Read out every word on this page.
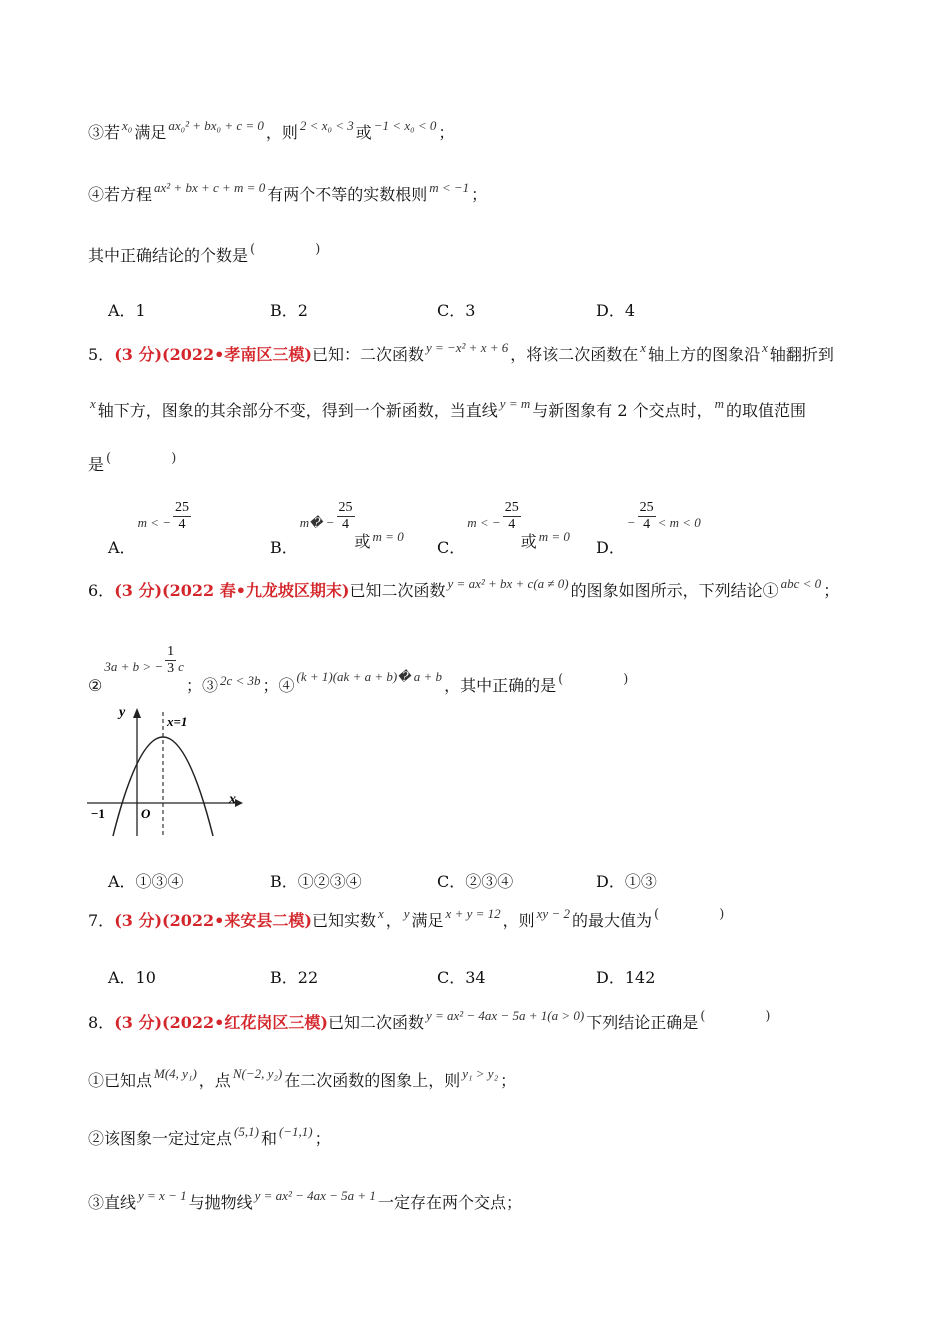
③若 $^{x_0}$ 满足 $^{ax_0^2 + bx_0 + c = 0}$ ，则 $^{2 < x_0 < 3}$ 或 $^{-1 < x_0 < 0}$ ；
④若方程 $^{ax^2 + bx + c + m = 0}$ 有两个不等的实数根则 $^{m < -1}$ ；
其中正确结论的个数是 ( )
A．1	B．2	C．3	D．4
5．(3 分)(2022•孝南区三模)已知：二次函数 $^{y = -x^2 + x + 6}$ ，将该二次函数在 $^x$ 轴上方的图象沿 $^x$ 轴翻折到
$^x$ 轴下方，图象的其余部分不变，得到一个新函数，当直线 $^{y = m}$ 与新图象有 2 个交点时， $^m$ 的取值范围
是 ( )
A．m < − $\frac{25}{4}$
B．m� − $\frac{25}{4}$
或 $_{m = 0}$
C．m < − $\frac{25}{4}$
或 $_{m = 0}$
D．− $\frac{25}{4} < m < 0$
6．(3 分)(2022 春•九龙坡区期末)已知二次函数 $^{y = ax^2 + bx + c(a \ne 0)}$ 的图象如图所示，下列结论① $^{abc < 0}$ ；
②3a + b > − $\frac{1}{3}$ c；③ $_{2c < 3b}$ ；④ $_{(k + 1)(ak + a + b)� a + b}$ ，其中正确的是 $_{( )}$
y
x
x=1
−1	O
A．①③④	B．①②③④	C．②③④	D．①③
7．(3 分)(2022•来安县二模)已知实数 $^x$ ， $^y$ 满足 $^{x + y = 12}$ ，则 $^{xy - 2}$ 的最大值为 ( )
A．10	B．22	C．34	D．142
8．(3 分)(2022•红花岗区三模)已知二次函数 $^{y = ax^2 - 4ax - 5a + 1(a > 0)}$ 下列结论正确是 ( )
①已知点 $^{M(4, y_1)}$ ，点 $^{N(-2, y_2)}$ 在二次函数的图象上，则 $^{y_1 > y_2}$ ；
②该图象一定过定点 $^{(5,1)}$ 和 $^{(-1,1)}$ ；
③直线 $^{y = x - 1}$ 与抛物线 $^{y = ax^2 - 4ax - 5a + 1}$ 一定存在两个交点；
